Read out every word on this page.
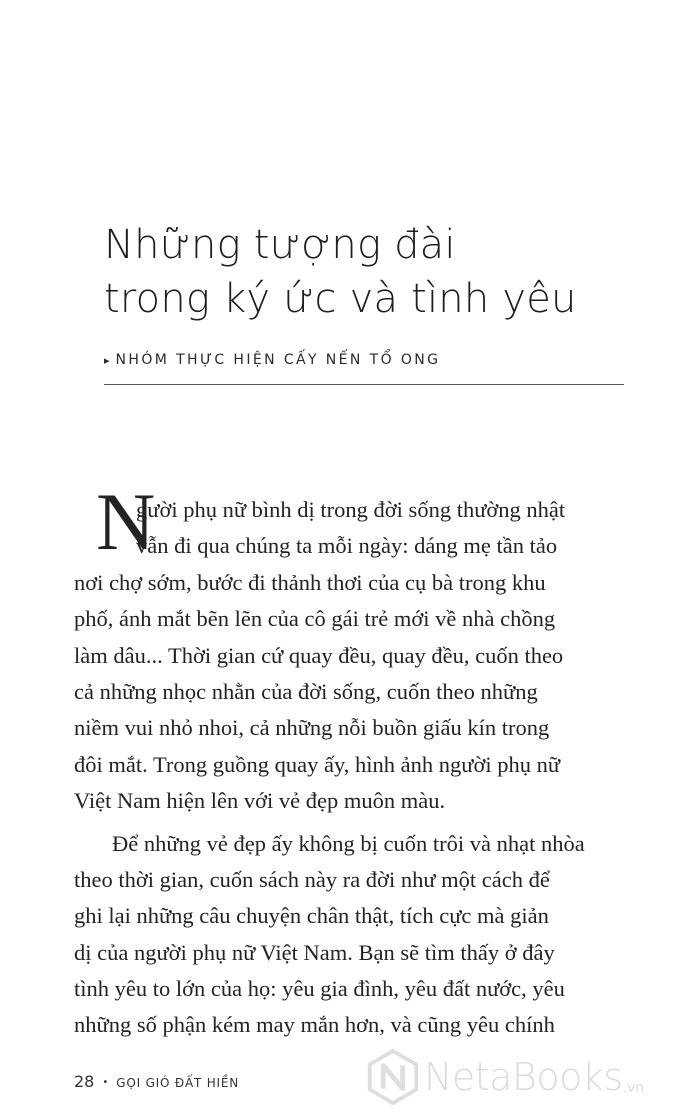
Những tượng đài
trong ký ức và tình yêu
▸ NHÓM THỰC HIỆN CẤY NẾN TỔ ONG
N
gười phụ nữ bình dị trong đời sống thường nhật
vẫn đi qua chúng ta mỗi ngày: dáng mẹ tần tảo
nơi chợ sớm, bước đi thảnh thơi của cụ bà trong khu
phố, ánh mắt bẽn lẽn của cô gái trẻ mới về nhà chồng
làm dâu... Thời gian cứ quay đều, quay đều, cuốn theo
cả những nhọc nhằn của đời sống, cuốn theo những
niềm vui nhỏ nhoi, cả những nỗi buồn giấu kín trong
đôi mắt. Trong guồng quay ấy, hình ảnh người phụ nữ
Việt Nam hiện lên với vẻ đẹp muôn màu.
Để những vẻ đẹp ấy không bị cuốn trôi và nhạt nhòa
theo thời gian, cuốn sách này ra đời như một cách để
ghi lại những câu chuyện chân thật, tích cực mà giản
dị của người phụ nữ Việt Nam. Bạn sẽ tìm thấy ở đây
tình yêu to lớn của họ: yêu gia đình, yêu đất nước, yêu
những số phận kém may mắn hơn, và cũng yêu chính
28 • GỌI GIÓ ĐẤT HIỀN	NetaBooks .vn
